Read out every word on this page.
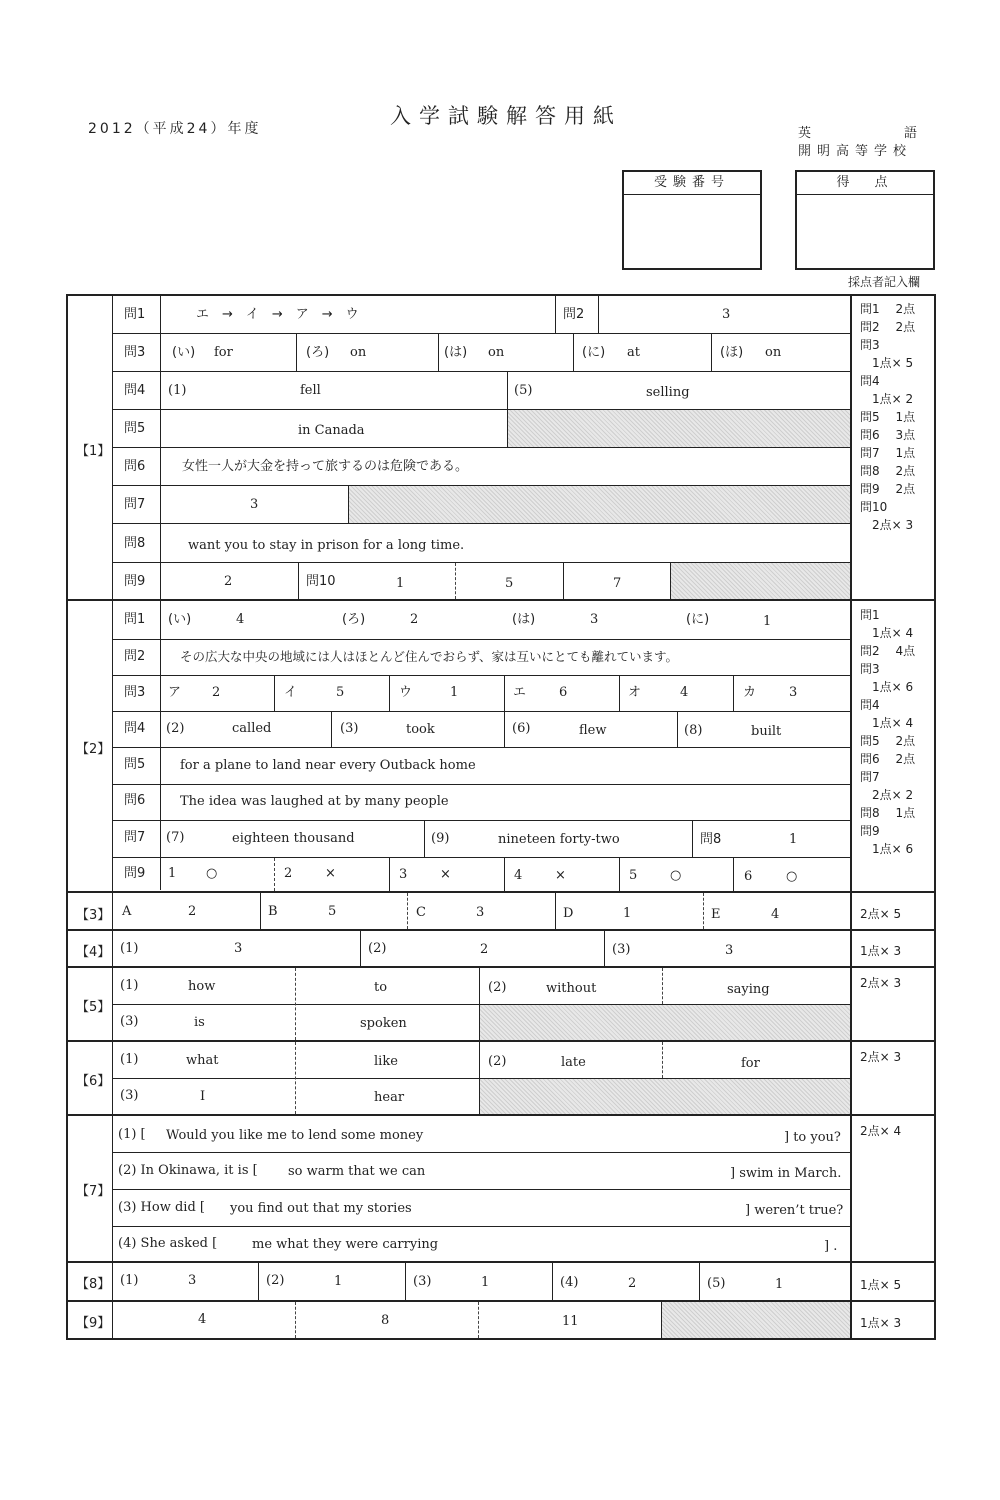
2012（平成24）年度
入学試験解答用紙
英	語
開明高等学校
受験番号	得　点
採点者記入欄
【1】
【2】
【3】
【4】
【5】
【6】
【7】
【8】
【9】
問1	エ　→　イ　→　ア　→　ウ	問2	3
問3 (い) for	(ろ) on	(は) on	(に) at	(ほ) on
問4 (1)	fell	(5)	selling
問5	in Canada
問6	女性一人が大金を持って旅するのは危険である。
問7	3
問8	want you to stay in prison for a long time.
問9	2	問10	1	5	7
問1　 2点
問2　 2点
問3
　1点× 5
問4
　1点× 2
問5　 1点
問6　 3点
問7　 1点
問8　 2点
問9　 2点
問10
　2点× 3
問1 (い)	4	(ろ)	2	(は)	3	(に)	1
問2	その広大な中央の地域には人はほとんど住んでおらず、家は互いにとても離れています。
問3 ア 2	イ	5	ウ	1	エ	6	オ	4	カ	3
問4 (2)	called	(3)	took	(6)	flew	(8)	built
問5	for a plane to land near every Outback home
問6	The idea was laughed at by many people
問7 (7)	eighteen thousand	(9)	nineteen forty-two	問8	1
問9 1 ○	2	×	3	×	4	×	5	○	6	○
問1
　1点× 4
問2　 4点
問3
　1点× 6
問4
　1点× 4
問5　 2点
問6　 2点
問7
　2点× 2
問8　 1点
問9
　1点× 6
A	2	B	5	C	3	D	1	E	4	2点× 5
(1)	3	(2)	2	(3)	3	1点× 3
(1)	how	to	(2)	without	saying
(3)	is	spoken
2点× 3
(1)	what	like	(2)	late	for
(3)	I	hear
2点× 3
(1) [ Would you like me to lend some money	] to you?
(2) In Okinawa, it is [ so warm that we can	] swim in March.
(3) How did [ you find out that my stories	] weren’t true?
(4) She asked [	me what they were carrying	] .
2点× 4
(1)	3	(2)	1	(3)	1	(4)	2	(5)	1	1点× 5
4	8	11	1点× 3
